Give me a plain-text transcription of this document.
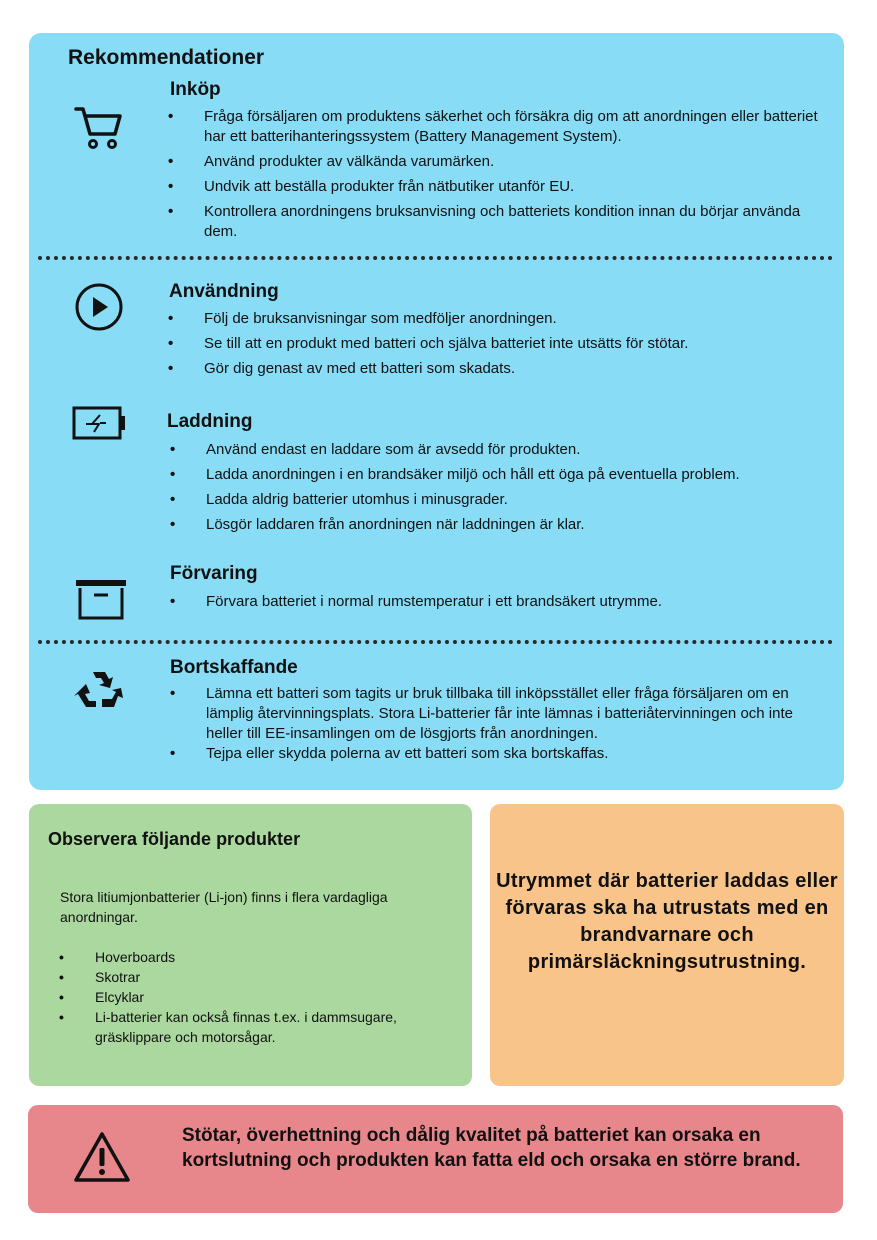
Rekommendationer
Inköp
• Fråga försäljaren om produktens säkerhet och försäkra dig om att anordningen eller batteriet har ett batterihanteringssystem (Battery Management System).
• Använd produkter av välkända varumärken.
• Undvik att beställa produkter från nätbutiker utanför EU.
• Kontrollera anordningens bruksanvisning och batteriets kondition innan du börjar använda dem.
Användning
• Följ de bruksanvisningar som medföljer anordningen.
• Se till att en produkt med batteri och själva batteriet inte utsätts för stötar.
• Gör dig genast av med ett batteri som skadats.
Laddning
• Använd endast en laddare som är avsedd för produkten.
• Ladda anordningen i en brandsäker miljö och håll ett öga på eventuella problem.
• Ladda aldrig batterier utomhus i minusgrader.
• Lösgör laddaren från anordningen när laddningen är klar.
Förvaring
• Förvara batteriet i normal rumstemperatur i ett brandsäkert utrymme.
Bortskaffande
• Lämna ett batteri som tagits ur bruk tillbaka till inköpsstället eller fråga försäljaren om en lämplig återvinningsplats. Stora Li-batterier får inte lämnas i batteriåtervinningen och inte heller till EE-insamlingen om de lösgjorts från anordningen.
• Tejpa eller skydda polerna av ett batteri som ska bortskaffas.
Observera följande produkter

Stora litiumjonbatterier (Li-jon) finns i flera vardagliga anordningar.

• Hoverboards
• Skotrar
• Elcyklar
• Li-batterier kan också finnas t.ex. i dammsugare, gräsklippare och motorsågar.

Utrymmet där batterier laddas eller förvaras ska ha utrustats med en brandvarnare och primärsläckningsutrustning.

Stötar, överhettning och dålig kvalitet på batteriet kan orsaka en kortslutning och produkten kan fatta eld och orsaka en större brand.
